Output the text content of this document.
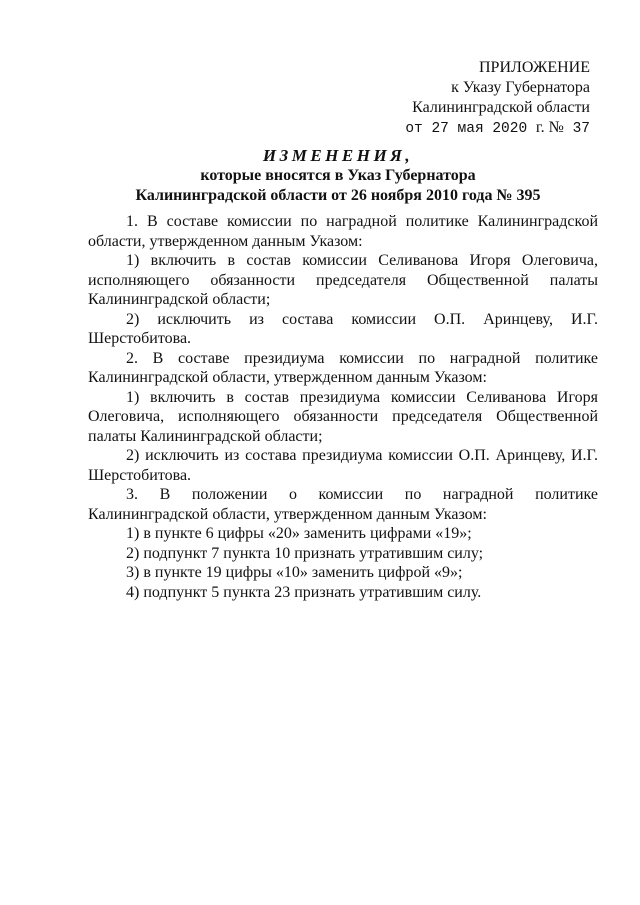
ПРИЛОЖЕНИЕ
к Указу Губернатора
Калининградской области
от 27 мая 2020 г. № 37
ИЗМЕНЕНИЯ,
которые вносятся в Указ Губернатора
Калининградской области от 26 ноября 2010 года № 395

1. В составе комиссии по наградной политике Калининградской области, утвержденном данным Указом:

1) включить в состав комиссии Селиванова Игоря Олеговича, исполняющего обязанности председателя Общественной палаты Калининградской области;

2) исключить из состава комиссии О.П. Аринцеву, И.Г. Шерстобитова.

2. В составе президиума комиссии по наградной политике Калининградской области, утвержденном данным Указом:

1) включить в состав президиума комиссии Селиванова Игоря Олеговича, исполняющего обязанности председателя Общественной палаты Калининградской области;

2) исключить из состава президиума комиссии О.П. Аринцеву, И.Г. Шерстобитова.

3. В положении о комиссии по наградной политике Калининградской области, утвержденном данным Указом:

1) в пункте 6 цифры «20» заменить цифрами «19»;

2) подпункт 7 пункта 10 признать утратившим силу;

3) в пункте 19 цифры «10» заменить цифрой «9»;

4) подпункт 5 пункта 23 признать утратившим силу.
